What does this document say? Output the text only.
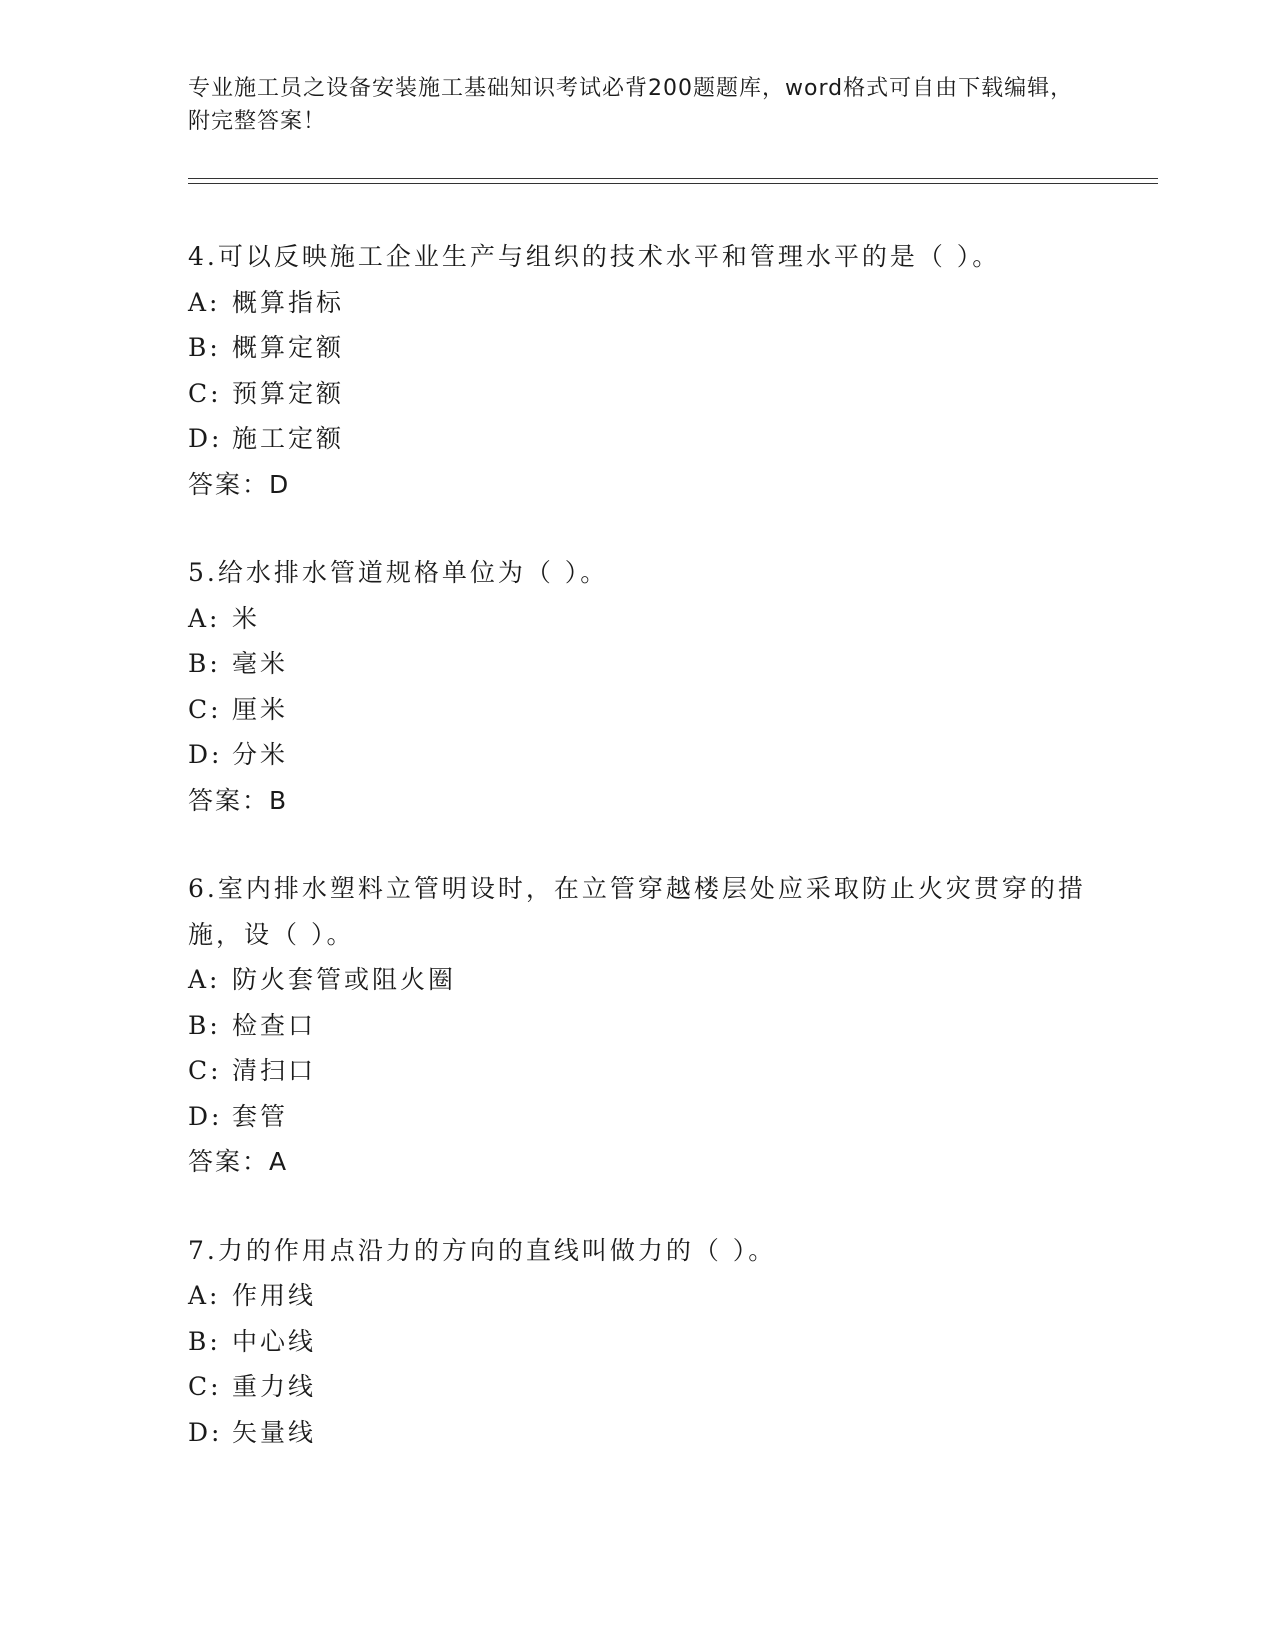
专业施工员之设备安装施工基础知识考试必背200题题库，word格式可自由下载编辑，附完整答案！

4.可以反映施工企业生产与组织的技术水平和管理水平的是（ ）。

A: 概算指标

B: 概算定额

C: 预算定额

D: 施工定额

答案：D

5.给水排水管道规格单位为（ ）。

A: 米

B: 毫米

C: 厘米

D: 分米

答案：B

6.室内排水塑料立管明设时，在立管穿越楼层处应采取防止火灾贯穿的措施，设（ ）。

A: 防火套管或阻火圈

B: 检查口

C: 清扫口

D: 套管

答案：A

7.力的作用点沿力的方向的直线叫做力的（ ）。

A: 作用线

B: 中心线

C: 重力线

D: 矢量线
